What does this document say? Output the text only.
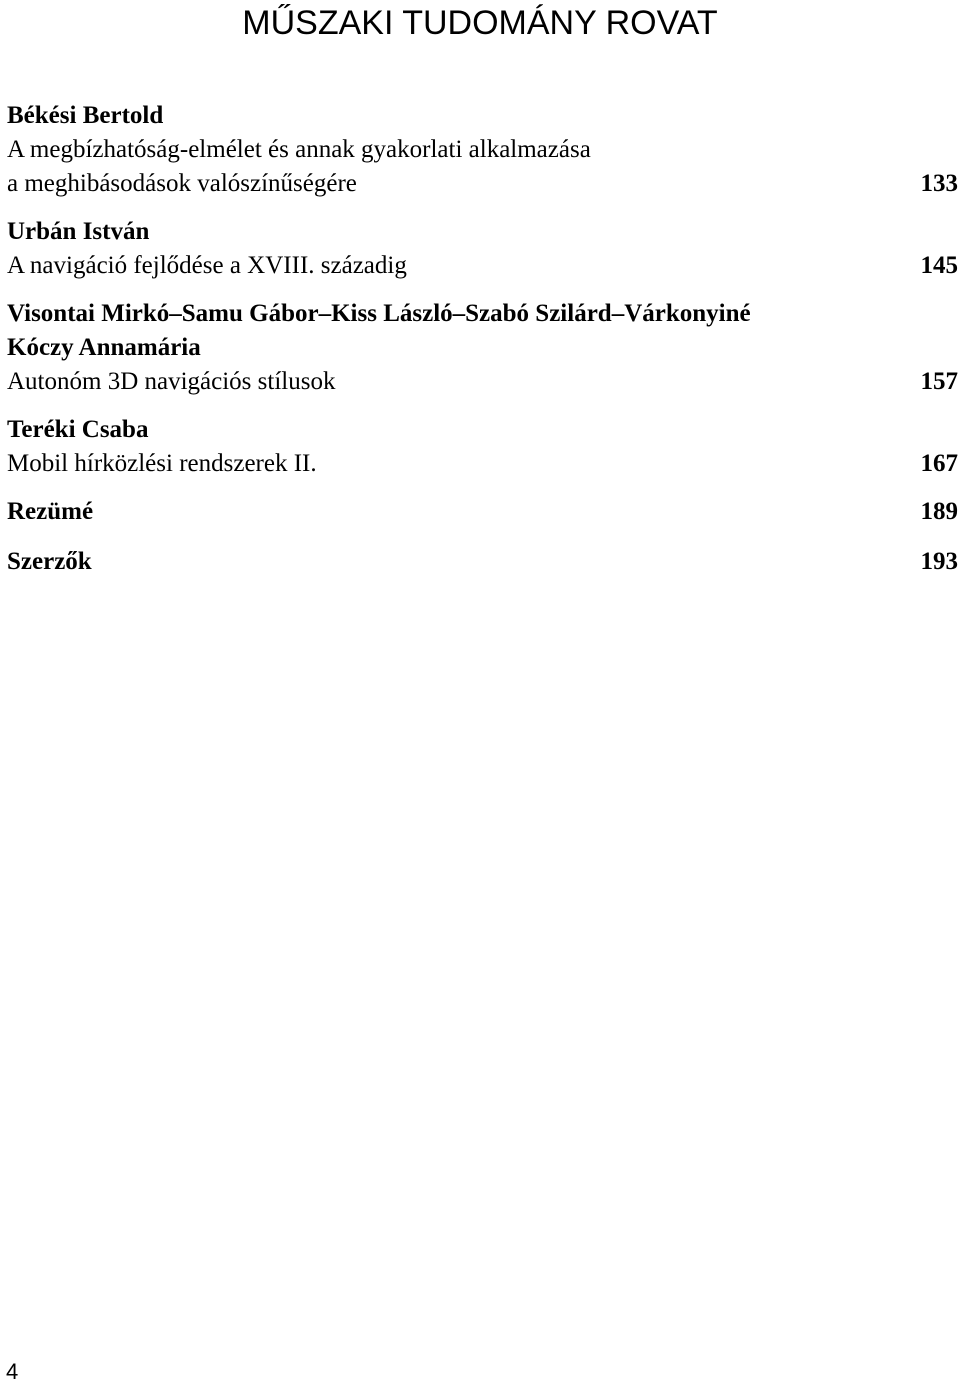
MŰSZAKI TUDOMÁNY ROVAT
Békési Bertold
A megbízhatóság-elmélet és annak gyakorlati alkalmazása
a meghibásodások valószínűségére	133
Urbán István
A navigáció fejlődése a XVIII. századig	145
Visontai Mirkó–Samu Gábor–Kiss László–Szabó Szilárd–Várkonyiné
Kóczy Annamária
Autonóm 3D navigációs stílusok	157
Teréki Csaba
Mobil hírközlési rendszerek II.	167
Rezümé	189
Szerzők	193
4
